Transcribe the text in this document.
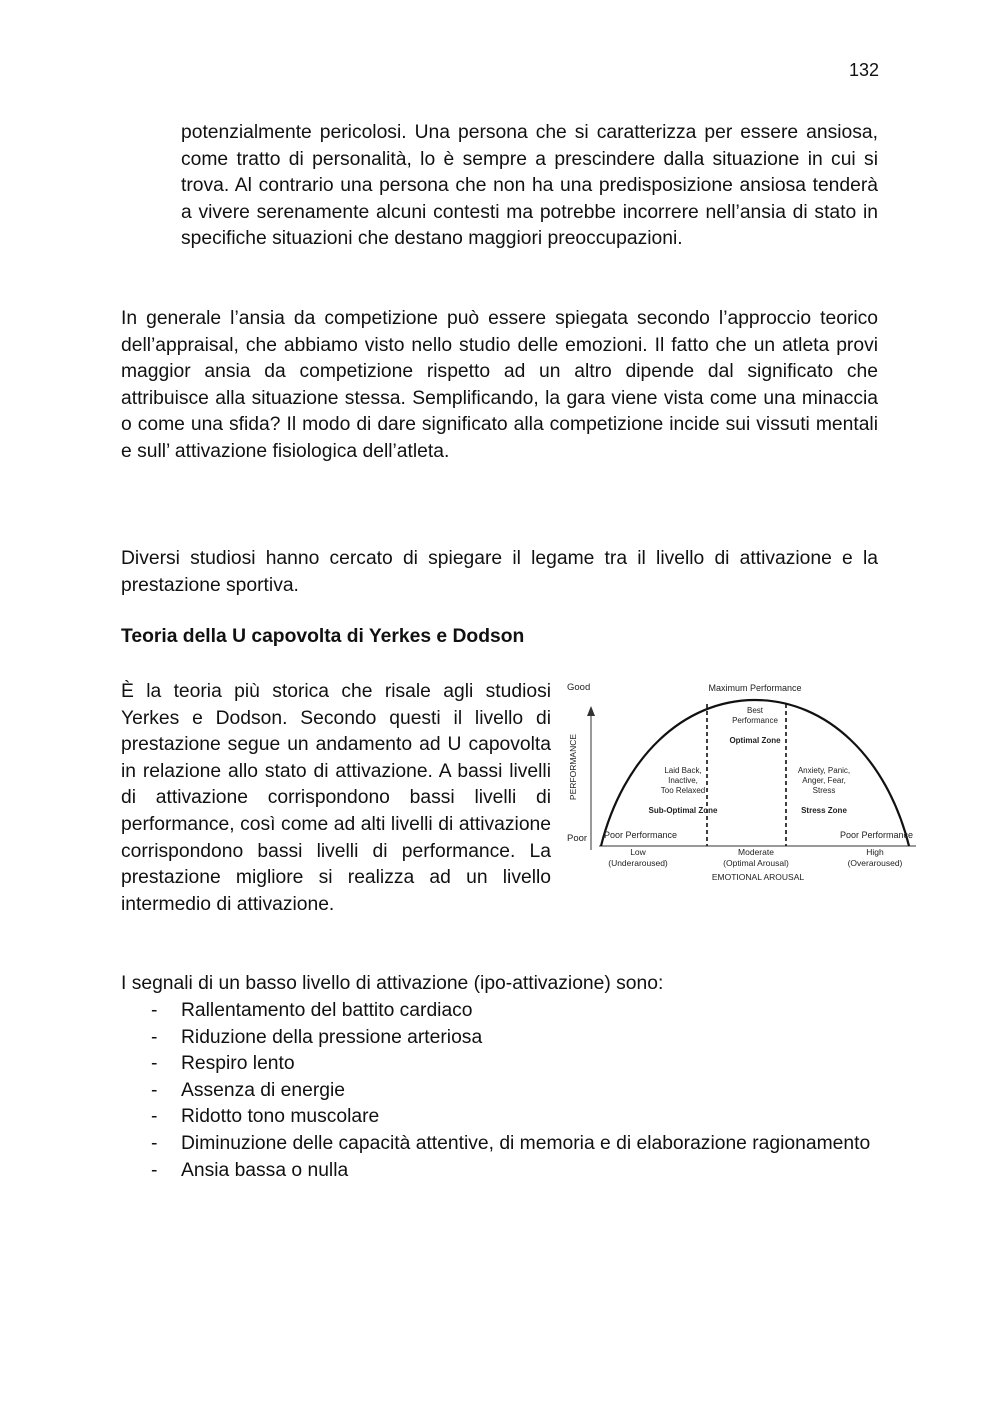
132

potenzialmente pericolosi. Una persona che si caratterizza per essere ansiosa, come tratto di personalità, lo è sempre a prescindere dalla situazione in cui si trova. Al contrario una persona che non ha una predisposizione ansiosa tenderà a vivere serenamente alcuni contesti ma potrebbe incorrere nell’ansia di stato in specifiche situazioni che destano maggiori preoccupazioni.

In generale l’ansia da competizione può essere spiegata secondo l’approccio teorico dell’appraisal, che abbiamo visto nello studio delle emozioni. Il fatto che un atleta provi maggior ansia da competizione rispetto ad un altro dipende dal significato che attribuisce alla situazione stessa. Semplificando, la gara viene vista come una minaccia o come una sfida? Il modo di dare significato alla competizione incide sui vissuti mentali e sull’ attivazione fisiologica dell’atleta.

Diversi studiosi hanno cercato di spiegare il legame tra il livello di attivazione e la prestazione sportiva.

Teoria della U capovolta di Yerkes e Dodson

È la teoria più storica che risale agli studiosi Yerkes e Dodson. Secondo questi il livello di prestazione segue un andamento ad U capovolta in relazione allo stato di attivazione. A bassi livelli di attivazione corrispondono bassi livelli di performance, così come ad alti livelli di attivazione corrispondono bassi livelli di performance. La prestazione migliore si realizza ad un livello intermedio di attivazione.

Good
Poor
PERFORMANCE
Maximum Performance
Best
Performance
Optimal Zone
Laid Back,
Inactive,
Too Relaxed
Sub-Optimal Zone
Anxiety, Panic,
Anger, Fear,
Stress
Stress Zone
Poor Performance	Poor Performance
Low
(Underaroused)
Moderate
(Optimal Arousal)
High
(Overaroused)
EMOTIONAL AROUSAL

I segnali di un basso livello di attivazione (ipo-attivazione) sono:

- Rallentamento del battito cardiaco
- Riduzione della pressione arteriosa
- Respiro lento
- Assenza di energie
- Ridotto tono muscolare
- Diminuzione delle capacità attentive, di memoria e di elaborazione ragionamento
- Ansia bassa o nulla
